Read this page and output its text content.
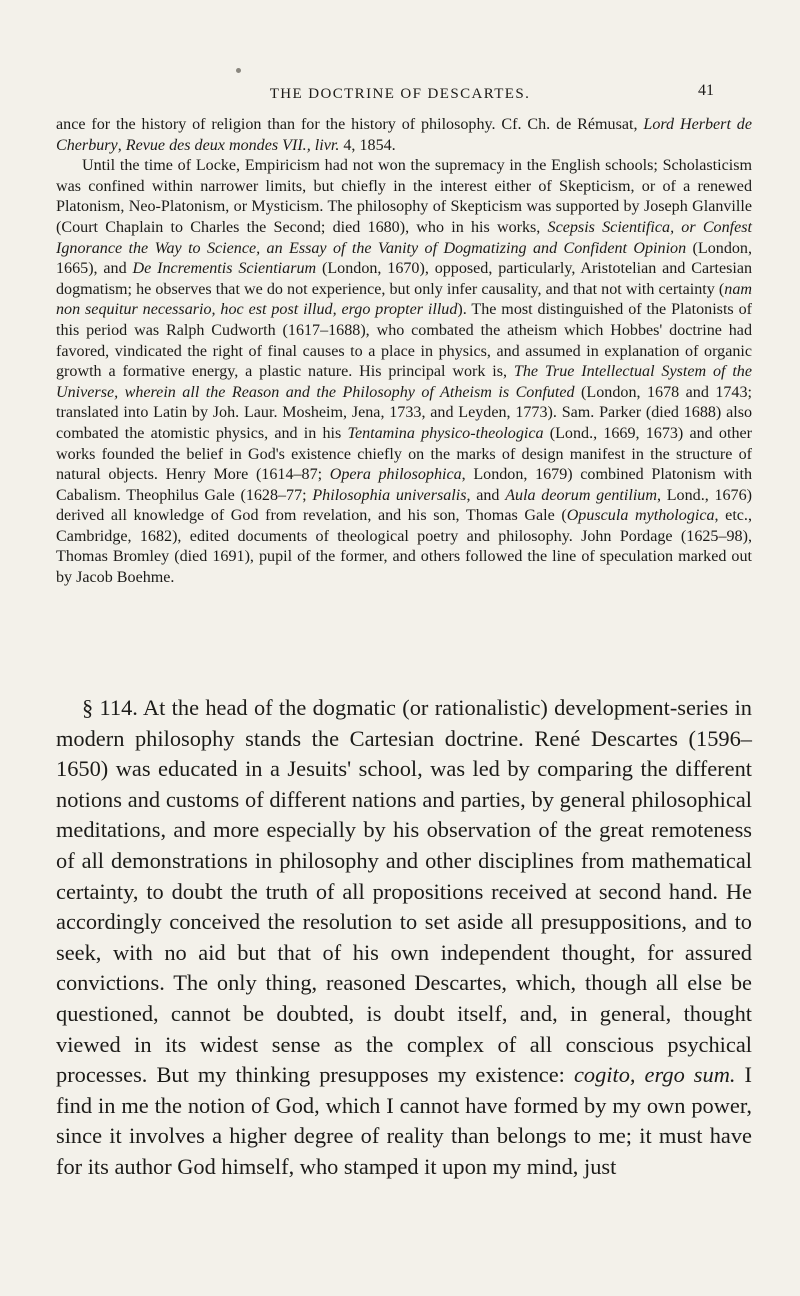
THE DOCTRINE OF DESCARTES.	41

ance for the history of religion than for the history of philosophy. Cf. Ch. de Rémusat, Lord Herbert de Cherbury, Revue des deux mondes VII., livr. 4, 1854.

Until the time of Locke, Empiricism had not won the supremacy in the English schools; Scholasticism was confined within narrower limits, but chiefly in the interest either of Skepticism, or of a renewed Platonism, Neo-Platonism, or Mysticism. The philosophy of Skepticism was supported by Joseph Glanville (Court Chaplain to Charles the Second; died 1680), who in his works, Scepsis Scientifica, or Confest Ignorance the Way to Science, an Essay of the Vanity of Dogmatizing and Confident Opinion (London, 1665), and De Incrementis Scientiarum (London, 1670), opposed, particularly, Aristotelian and Cartesian dogmatism; he observes that we do not experience, but only infer causality, and that not with certainty (nam non sequitur necessario, hoc est post illud, ergo propter illud). The most distinguished of the Platonists of this period was Ralph Cudworth (1617–1688), who combated the atheism which Hobbes' doctrine had favored, vindicated the right of final causes to a place in physics, and assumed in explanation of organic growth a formative energy, a plastic nature. His principal work is, The True Intellectual System of the Universe, wherein all the Reason and the Philosophy of Atheism is Confuted (London, 1678 and 1743; translated into Latin by Joh. Laur. Mosheim, Jena, 1733, and Leyden, 1773). Sam. Parker (died 1688) also combated the atomistic physics, and in his Tentamina physico-theologica (Lond., 1669, 1673) and other works founded the belief in God's existence chiefly on the marks of design manifest in the structure of natural objects. Henry More (1614–87; Opera philosophica, London, 1679) combined Platonism with Cabalism. Theophilus Gale (1628–77; Philosophia universalis, and Aula deorum gentilium, Lond., 1676) derived all knowledge of God from revelation, and his son, Thomas Gale (Opuscula mythologica, etc., Cambridge, 1682), edited documents of theological poetry and philosophy. John Pordage (1625–98), Thomas Bromley (died 1691), pupil of the former, and others followed the line of speculation marked out by Jacob Boehme.

§ 114. At the head of the dogmatic (or rationalistic) development-series in modern philosophy stands the Cartesian doctrine. René Descartes (1596–1650) was educated in a Jesuits' school, was led by comparing the different notions and customs of different nations and parties, by general philosophical meditations, and more especially by his observation of the great remoteness of all demonstrations in philosophy and other disciplines from mathematical certainty, to doubt the truth of all propositions received at second hand. He accordingly conceived the resolution to set aside all presuppositions, and to seek, with no aid but that of his own independent thought, for assured convictions. The only thing, reasoned Descartes, which, though all else be questioned, cannot be doubted, is doubt itself, and, in general, thought viewed in its widest sense as the complex of all conscious psychical processes. But my thinking presupposes my existence: cogito, ergo sum. I find in me the notion of God, which I cannot have formed by my own power, since it involves a higher degree of reality than belongs to me; it must have for its author God himself, who stamped it upon my mind, just
